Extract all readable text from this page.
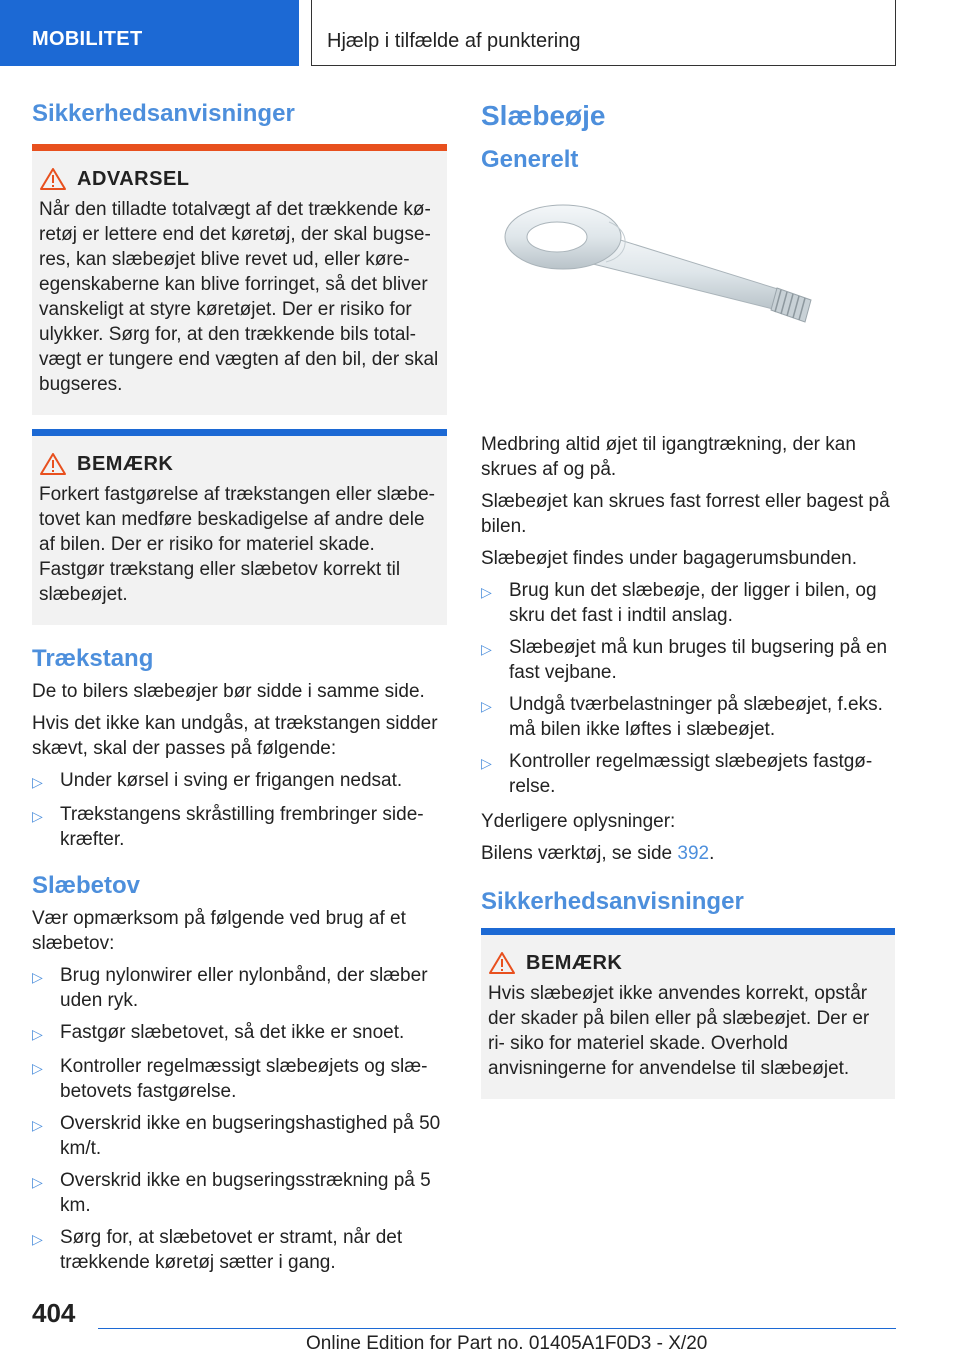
MOBILITET	Hjælp i tilfælde af punktering
Sikkerhedsanvisninger
ADVARSEL

Når den tilladte totalvægt af det trækkende kø- retøj er lettere end det køretøj, der skal bugse- res, kan slæbeøjet blive revet ud, eller køre- egenskaberne kan blive forringet, så det bliver vanskeligt at styre køretøjet. Der er risiko for ulykker. Sørg for, at den trækkende bils total- vægt er tungere end vægten af den bil, der skal bugseres.

BEMÆRK

Forkert fastgørelse af trækstangen eller slæbe- tovet kan medføre beskadigelse af andre dele af bilen. Der er risiko for materiel skade. Fastgør trækstang eller slæbetov korrekt til slæbeøjet.

Trækstang

De to bilers slæbeøjer bør sidde i samme side.

Hvis det ikke kan undgås, at trækstangen sidder skævt, skal der passes på følgende:

▷ Under kørsel i sving er frigangen nedsat.
▷ Trækstangens skråstilling frembringer side- kræfter.
Slæbetov

Vær opmærksom på følgende ved brug af et slæbetov:

▷ Brug nylonwirer eller nylonbånd, der slæber uden ryk.
▷ Fastgør slæbetovet, så det ikke er snoet.
▷ Kontroller regelmæssigt slæbeøjets og slæ- betovets fastgørelse.
▷ Overskrid ikke en bugseringshastighed på 50 km/t.
▷ Overskrid ikke en bugseringsstrækning på 5 km.
▷ Sørg for, at slæbetovet er stramt, når det trækkende køretøj sætter i gang.
Slæbeøje
Generelt

Medbring altid øjet til igangtrækning, der kan skrues af og på.

Slæbeøjet kan skrues fast forrest eller bagest på bilen.

Slæbeøjet findes under bagagerumsbunden.

▷ Brug kun det slæbeøje, der ligger i bilen, og skru det fast i indtil anslag.
▷ Slæbeøjet må kun bruges til bugsering på en fast vejbane.
▷ Undgå tværbelastninger på slæbeøjet, f.eks. må bilen ikke løftes i slæbeøjet.
▷ Kontroller regelmæssigt slæbeøjets fastgø- relse.

Yderligere oplysninger:

Bilens værktøj, se side 392.

Sikkerhedsanvisninger
BEMÆRK

Hvis slæbeøjet ikke anvendes korrekt, opstår der skader på bilen eller på slæbeøjet. Der er ri- siko for materiel skade. Overhold anvisningerne for anvendelse til slæbeøjet.

404
Online Edition for Part no. 01405A1F0D3 - X/20
